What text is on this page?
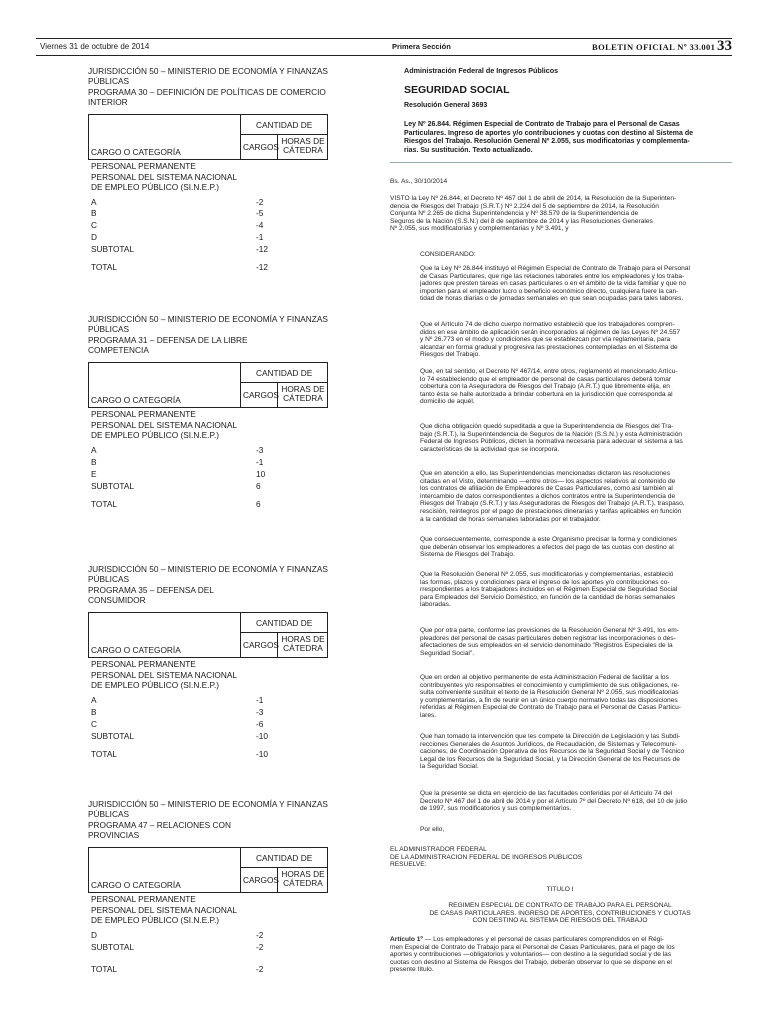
Viernes 31 de octubre de 2014	Primera Sección	BOLETIN OFICIAL Nº 33.001 33
JURISDICCIÓN 50 – MINISTERIO DE ECONOMÍA Y FINANZAS
PÚBLICAS
PROGRAMA 30 – DEFINICIÓN DE POLÍTICAS DE COMERCIO
INTERIOR
CANTIDAD DE
CARGO O CATEGORÍA	CARGOS
HORAS DE
CÁTEDRA
PERSONAL PERMANENTE
PERSONAL DEL SISTEMA NACIONAL
DE EMPLEO PÚBLICO (SI.N.E.P.)
A	-2
B	-5
C	-4
D	-1
SUBTOTAL	-12
TOTAL	-12
JURISDICCIÓN 50 – MINISTERIO DE ECONOMÍA Y FINANZAS
PÚBLICAS
PROGRAMA 31 – DEFENSA DE LA LIBRE
COMPETENCIA
CANTIDAD DE
CARGO O CATEGORÍA	CARGOS
HORAS DE
CÁTEDRA
PERSONAL PERMANENTE
PERSONAL DEL SISTEMA NACIONAL
DE EMPLEO PÚBLICO (SI.N.E.P.)
A	-3
B	-1
E	10
SUBTOTAL	6
TOTAL	6
JURISDICCIÓN 50 – MINISTERIO DE ECONOMÍA Y FINANZAS
PÚBLICAS
PROGRAMA 35 – DEFENSA DEL
CONSUMIDOR
CANTIDAD DE
CARGO O CATEGORÍA	CARGOS
HORAS DE
CÁTEDRA
PERSONAL PERMANENTE
PERSONAL DEL SISTEMA NACIONAL
DE EMPLEO PÚBLICO (SI.N.E.P.)
A	-1
B	-3
C	-6
SUBTOTAL	-10
TOTAL	-10
JURISDICCIÓN 50 – MINISTERIO DE ECONOMÍA Y FINANZAS
PÚBLICAS
PROGRAMA 47 – RELACIONES CON
PROVINCIAS
CANTIDAD DE
CARGO O CATEGORÍA	CARGOS
HORAS DE
CÁTEDRA
PERSONAL PERMANENTE
PERSONAL DEL SISTEMA NACIONAL
DE EMPLEO PÚBLICO (SI.N.E.P.)
D	-2
SUBTOTAL	-2
TOTAL	-2
Administración Federal de Ingresos Públicos
SEGURIDAD SOCIAL
Resolución General 3693
Ley Nº 26.844. Régimen Especial de Contrato de Trabajo para el Personal de Casas
Particulares. Ingreso de aportes y/o contribuciones y cuotas con destino al Sistema de
Riesgos del Trabajo. Resolución General Nº 2.055, sus modificatorias y complementa-
rias. Su sustitución. Texto actualizado.
Bs. As., 30/10/2014
VISTO la Ley Nº 26.844, el Decreto Nº 467 del 1 de abril de 2014, la Resolución de la Superinten-
dencia de Riesgos del Trabajo (S.R.T.) Nº 2.224 del 5 de septiembre de 2014, la Resolución
Conjunta Nº 2.265 de dicha Superintendencia y Nº 38.579 de la Superintendencia de
Seguros de la Nación (S.S.N.) del 8 de septiembre de 2014 y las Resoluciones Generales
Nº 2.055, sus modificatorias y complementarias y Nº 3.491, y
CONSIDERANDO:
Que la Ley Nº 26.844 instituyó el Régimen Especial de Contrato de Trabajo para el Personal
de Casas Particulares, que rige las relaciones laborales entre los empleadores y los traba-
jadores que presten tareas en casas particulares o en el ámbito de la vida familiar y que no
importen para el empleador lucro o beneficio económico directo, cualquiera fuere la can-
tidad de horas diarias o de jornadas semanales en que sean ocupadas para tales labores.
Que el Artículo 74 de dicho cuerpo normativo estableció que los trabajadores compren-
didos en ese ámbito de aplicación serán incorporados al régimen de las Leyes Nº 24.557
y Nº 26.773 en el modo y condiciones que se establezcan por vía reglamentaria, para
alcanzar en forma gradual y progresiva las prestaciones contempladas en el Sistema de
Riesgos del Trabajo.
Que, en tal sentido, el Decreto Nº 467/14, entre otros, reglamentó el mencionado Artícu-
lo 74 estableciendo que el empleador de personal de casas particulares deberá tomar
cobertura con la Aseguradora de Riesgos del Trabajo (A.R.T.) que libremente elija, en
tanto ésta se halle autorizada a brindar cobertura en la jurisdicción que corresponda al
domicilio de aquél.
Que dicha obligación quedó supeditada a que la Superintendencia de Riesgos del Tra-
bajo (S.R.T.), la Superintendencia de Seguros de la Nación (S.S.N.) y esta Administración
Federal de Ingresos Públicos, dicten la normativa necesaria para adecuar el sistema a las
características de la actividad que se incorpora.
Que en atención a ello, las Superintendencias mencionadas dictaron las resoluciones
citadas en el Visto, determinando —entre otros— los aspectos relativos al contenido de
los contratos de afiliación de Empleadores de Casas Particulares, como así también al
intercambio de datos correspondientes a dichos contratos entre la Superintendencia de
Riesgos del Trabajo (S.R.T.) y las Aseguradoras de Riesgos del Trabajo (A.R.T.), traspaso,
rescisión, reintegros por el pago de prestaciones dinerarias y tarifas aplicables en función
a la cantidad de horas semanales laboradas por el trabajador.
Que consecuentemente, corresponde a este Organismo precisar la forma y condiciones
que deberán observar los empleadores a efectos del pago de las cuotas con destino al
Sistema de Riesgos del Trabajo.
Que la Resolución General Nº 2.055, sus modificatorias y complementarias, estableció
las formas, plazos y condiciones para el ingreso de los aportes y/o contribuciones co-
rrespondientes a los trabajadores incluidos en el Régimen Especial de Seguridad Social
para Empleados del Servicio Doméstico, en función de la cantidad de horas semanales
laboradas.
Que por otra parte, conforme las previsiones de la Resolución General Nº 3.491, los em-
pleadores del personal de casas particulares deben registrar las incorporaciones o des-
afectaciones de sus empleados en el servicio denominado "Registros Especiales de la
Seguridad Social".
Que en orden al objetivo permanente de esta Administración Federal de facilitar a los
contribuyentes y/o responsables el conocimiento y cumplimiento de sus obligaciones, re-
sulta conveniente sustituir el texto de la Resolución General Nº 2.055, sus modificatorias
y complementarias, a fin de reunir en un único cuerpo normativo todas las disposiciones
referidas al Régimen Especial de Contrato de Trabajo para el Personal de Casas Particu-
lares.
Que han tomado la intervención que les compete la Dirección de Legislación y las Subdi-
recciones Generales de Asuntos Jurídicos, de Recaudación, de Sistemas y Telecomuni-
caciones, de Coordinación Operativa de los Recursos de la Seguridad Social y de Técnico
Legal de los Recursos de la Seguridad Social, y la Dirección General de los Recursos de
la Seguridad Social.
Que la presente se dicta en ejercicio de las facultades conferidas por el Artículo 74 del
Decreto Nº 467 del 1 de abril de 2014 y por el Artículo 7º del Decreto Nº 618, del 10 de julio
de 1997, sus modificatorios y sus complementarios.
Por ello,
EL ADMINISTRADOR FEDERAL
DE LA ADMINISTRACION FEDERAL DE INGRESOS PUBLICOS
RESUELVE:
TITULO I
REGIMEN ESPECIAL DE CONTRATO DE TRABAJO PARA EL PERSONAL
DE CASAS PARTICULARES. INGRESO DE APORTES, CONTRIBUCIONES Y CUOTAS
CON DESTINO AL SISTEMA DE RIESGOS DEL TRABAJO
Artículo 1º — Los empleadores y el personal de casas particulares comprendidos en el Régi-
men Especial de Contrato de Trabajo para el Personal de Casas Particulares, para el pago de los
aportes y contribuciones —obligatorios y voluntarios— con destino a la seguridad social y de las
cuotas con destino al Sistema de Riesgos del Trabajo, deberán observar lo que se dispone en el
presente título.
